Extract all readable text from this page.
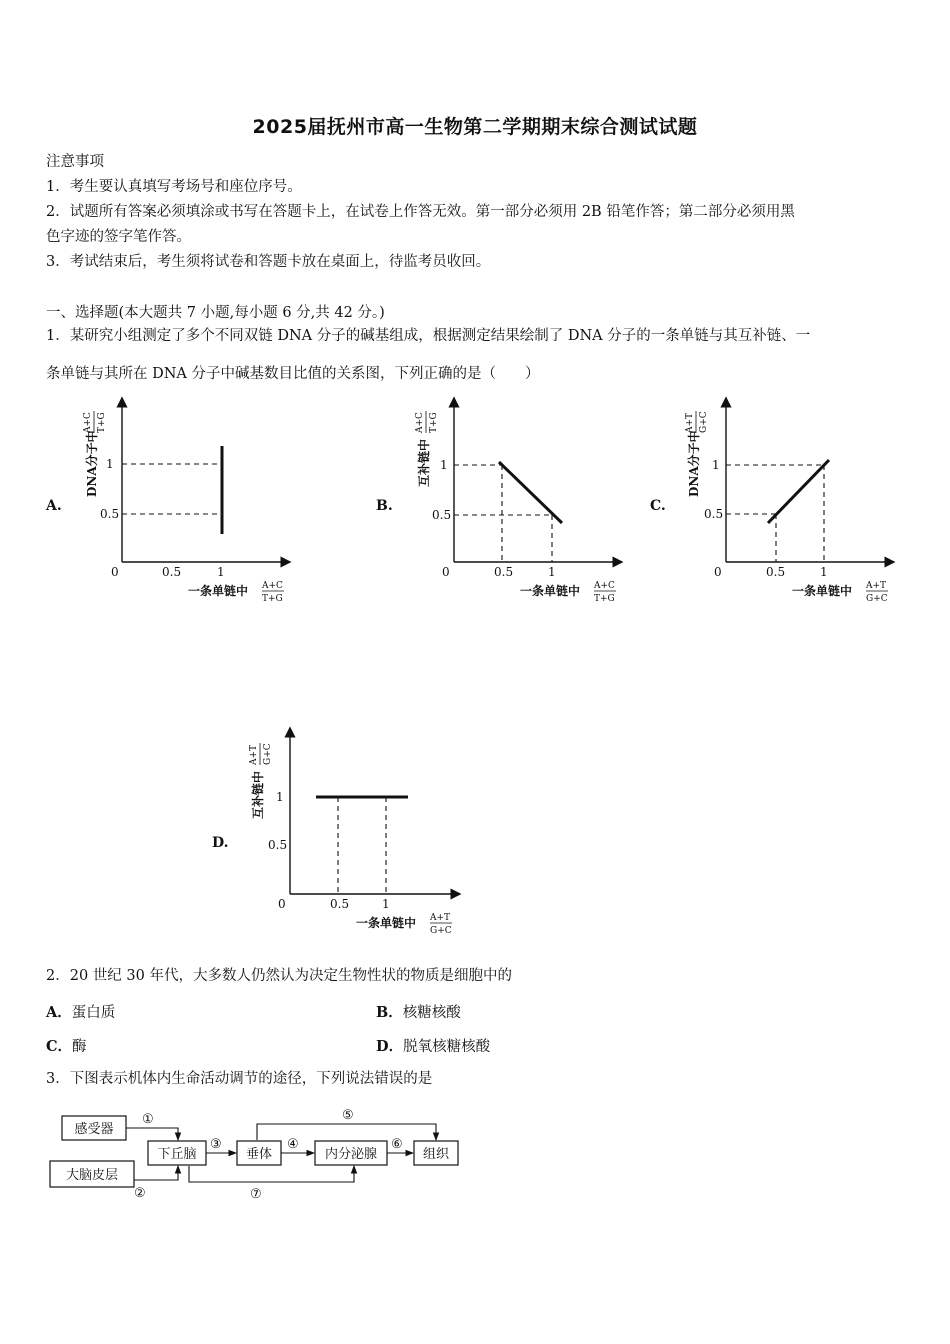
2025届抚州市高一生物第二学期期末综合测试试题
注意事项
1．考生要认真填写考场号和座位序号。
2．试题所有答案必须填涂或书写在答题卡上，在试卷上作答无效。第一部分必须用 2B 铅笔作答；第二部分必须用黑
色字迹的签字笔作答。
3．考试结束后，考生须将试卷和答题卡放在桌面上，待监考员收回。
一、选择题(本大题共 7 小题,每小题 6 分,共 42 分。)
1．某研究小组测定了多个不同双链 DNA 分子的碱基组成，根据测定结果绘制了 DNA 分子的一条单链与其互补链、一
条单链与其所在 DNA 分子中碱基数目比值的关系图，下列正确的是（　　）
A.
1
0.5
0	0.5	1
DNA分子中
A+C T+G
一条单链中 A+C
T+G
B.
1
0.5
0	0.5	1
互补链中
A+C T+G
一条单链中 A+C
T+G
C.
1
0.5
0	0.5	1
DNA分子中
A+T G+C
一条单链中 A+T
G+C
D.
1
0.5
0	0.5	1
互补链中
A+T G+C
一条单链中 A+T
G+C
2．20 世纪 30 年代，大多数人仍然认为决定生物性状的物质是细胞中的
A．蛋白质	B．核糖核酸
C．酶	D．脱氧核糖核酸
3．下图表示机体内生命活动调节的途径，下列说法错误的是
感受器
大脑皮层
下丘脑	垂体	内分泌腺	组织
①
②
③	④
⑤
⑥
⑦
